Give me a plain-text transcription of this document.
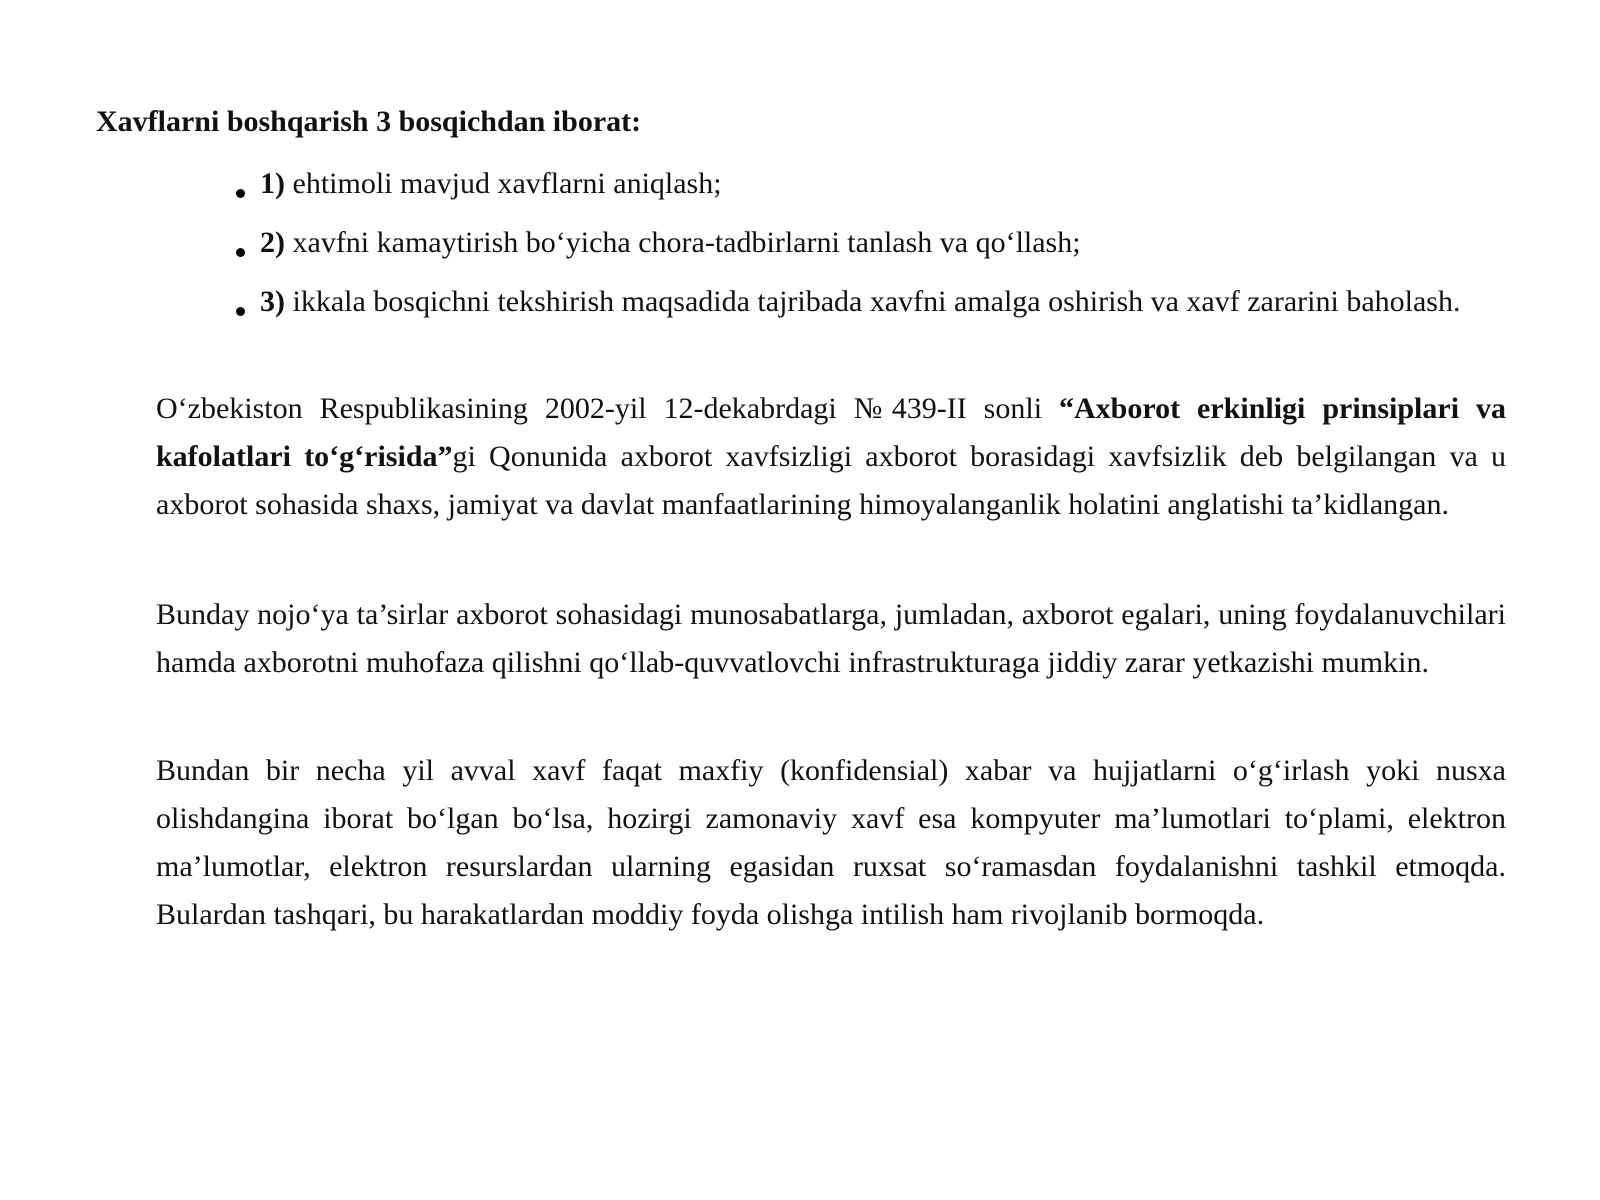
Xavflarni boshqarish 3 bosqichdan iborat:

1) ehtimoli mavjud xavflarni aniqlash;
2) xavfni kamaytirish bo‘yicha chora-tadbirlarni tanlash va qo‘llash;
3) ikkala bosqichni tekshirish maqsadida tajribada xavfni amalga oshirish va xavf zararini baholash.

O‘zbekiston Respublikasining 2002-yil 12-dekabrdagi №439-II sonli “Axborot erkinligi prinsiplari va kafolatlari to‘g‘risida”gi Qonunida axborot xavfsizligi axborot borasidagi xavfsizlik deb belgilangan va u axborot sohasida shaxs, jamiyat va davlat manfaatlarining himoyalanganlik holatini anglatishi ta’kidlangan.

Bunday nojo‘ya ta’sirlar axborot sohasidagi munosabatlarga, jumladan, axborot egalari, uning foydalanuvchilari hamda axborotni muhofaza qilishni qo‘llab-quvvatlovchi infrastrukturaga jiddiy zarar yetkazishi mumkin.

Bundan bir necha yil avval xavf faqat maxfiy (konfidensial) xabar va hujjatlarni o‘g‘irlash yoki nusxa olishdangina iborat bo‘lgan bo‘lsa, hozirgi zamonaviy xavf esa kompyuter ma’lumotlari to‘plami, elektron ma’lumotlar, elektron resurslardan ularning egasidan ruxsat so‘ramasdan foydalanishni tashkil etmoqda. Bulardan tashqari, bu harakatlardan moddiy foyda olishga intilish ham rivojlanib bormoqda.
